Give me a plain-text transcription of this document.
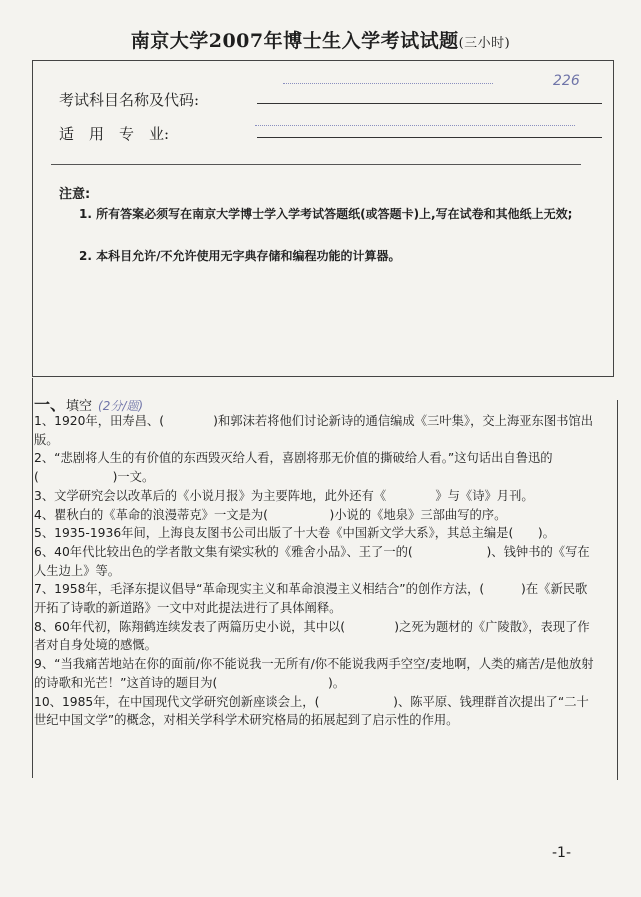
南京大学2007年博士生入学考试试题(三小时)
考试科目名称及代码:
226
适　用　专　业:
注意:
1. 所有答案必须写在南京大学博士学入学考试答题纸(或答题卡)上,写在试卷和其他纸上无效;
2. 本科目允许/不允许使用无字典存储和编程功能的计算器。
一、填空 (2分/题)

1、1920年，田寿昌、(　　　　)和郭沫若将他们讨论新诗的通信编成《三叶集》，交上海亚东图书馆出版。

2、“悲剧将人生的有价值的东西毁灭给人看，喜剧将那无价值的撕破给人看。”这句话出自鲁迅的(　　　　　　)一文。

3、文学研究会以改革后的《小说月报》为主要阵地，此外还有《　　　　》与《诗》月刊。

4、瞿秋白的《革命的浪漫蒂克》一文是为(　　　　　)小说的《地泉》三部曲写的序。

5、1935-1936年间，上海良友图书公司出版了十大卷《中国新文学大系》，其总主编是(　　)。

6、40年代比较出色的学者散文集有梁实秋的《雅舍小品》、王了一的(　　　　　　)、钱钟书的《写在人生边上》等。

7、1958年，毛泽东提议倡导“革命现实主义和革命浪漫主义相结合”的创作方法，(　　　)在《新民歌开拓了诗歌的新道路》一文中对此提法进行了具体阐释。

8、60年代初，陈翔鹤连续发表了两篇历史小说，其中以(　　　　)之死为题材的《广陵散》，表现了作者对自身处境的感慨。

9、“当我痛苦地站在你的面前/你不能说我一无所有/你不能说我两手空空/麦地啊，人类的痛苦/是他放射的诗歌和光芒！”这首诗的题目为(　　　　　　　　　)。

10、1985年，在中国现代文学研究创新座谈会上，(　　　　　　)、陈平原、钱理群首次提出了“二十世纪中国文学”的概念，对相关学科学术研究格局的拓展起到了启示性的作用。

-1-
